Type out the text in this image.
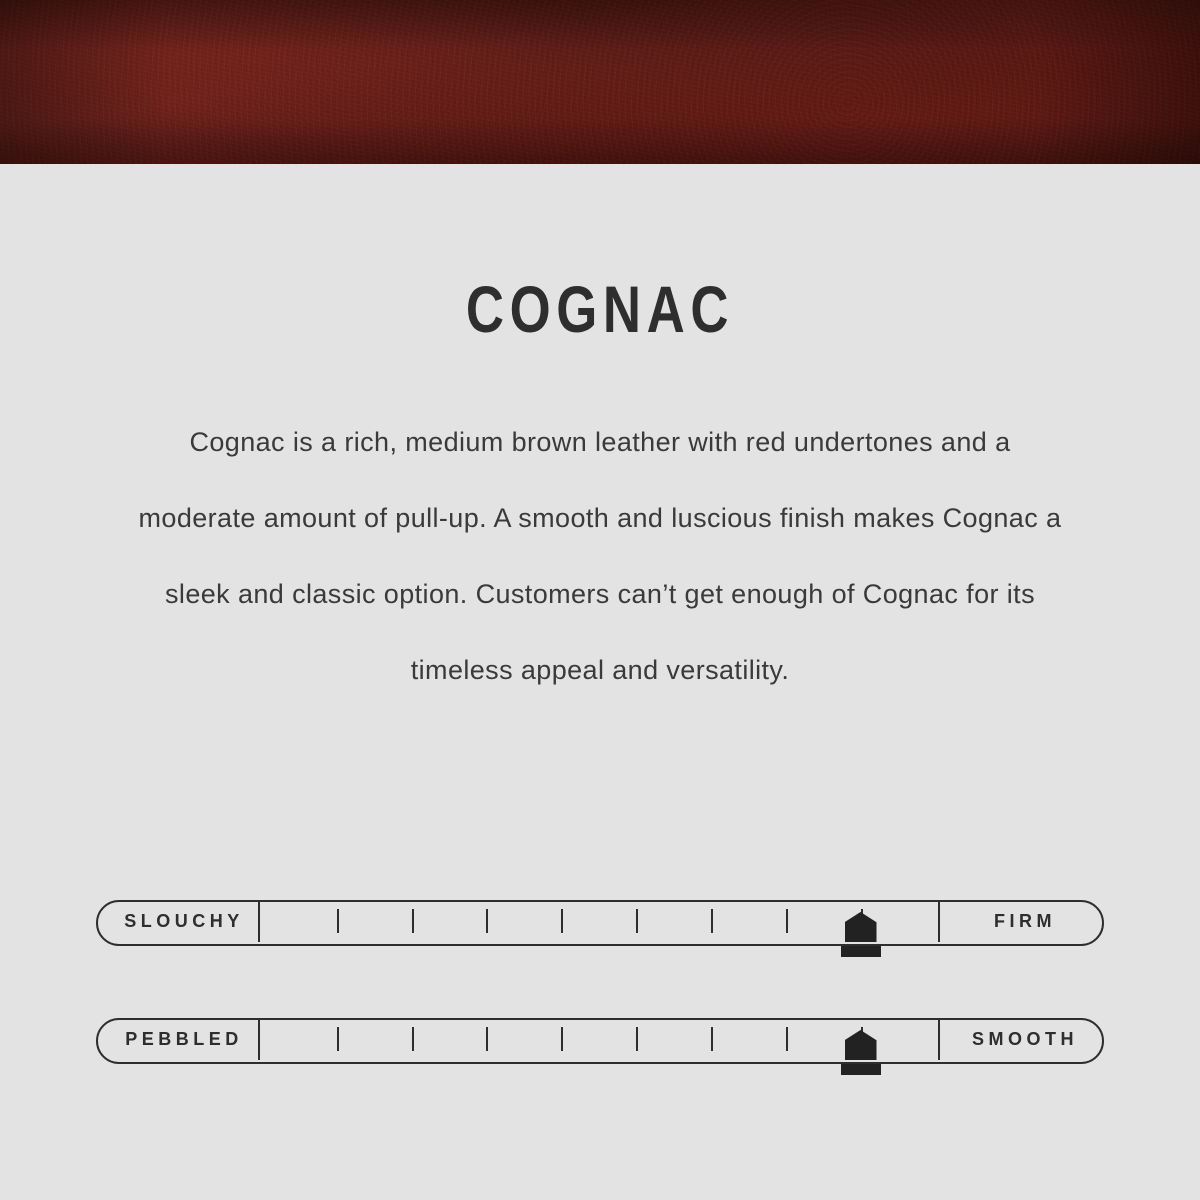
COGNAC

Cognac is a rich, medium brown leather with red undertones and a moderate amount of pull-up. A smooth and luscious finish makes Cognac a sleek and classic option. Customers can’t get enough of Cognac for its timeless appeal and versatility.

SLOUCHY	FIRM
PEBBLED	SMOOTH
